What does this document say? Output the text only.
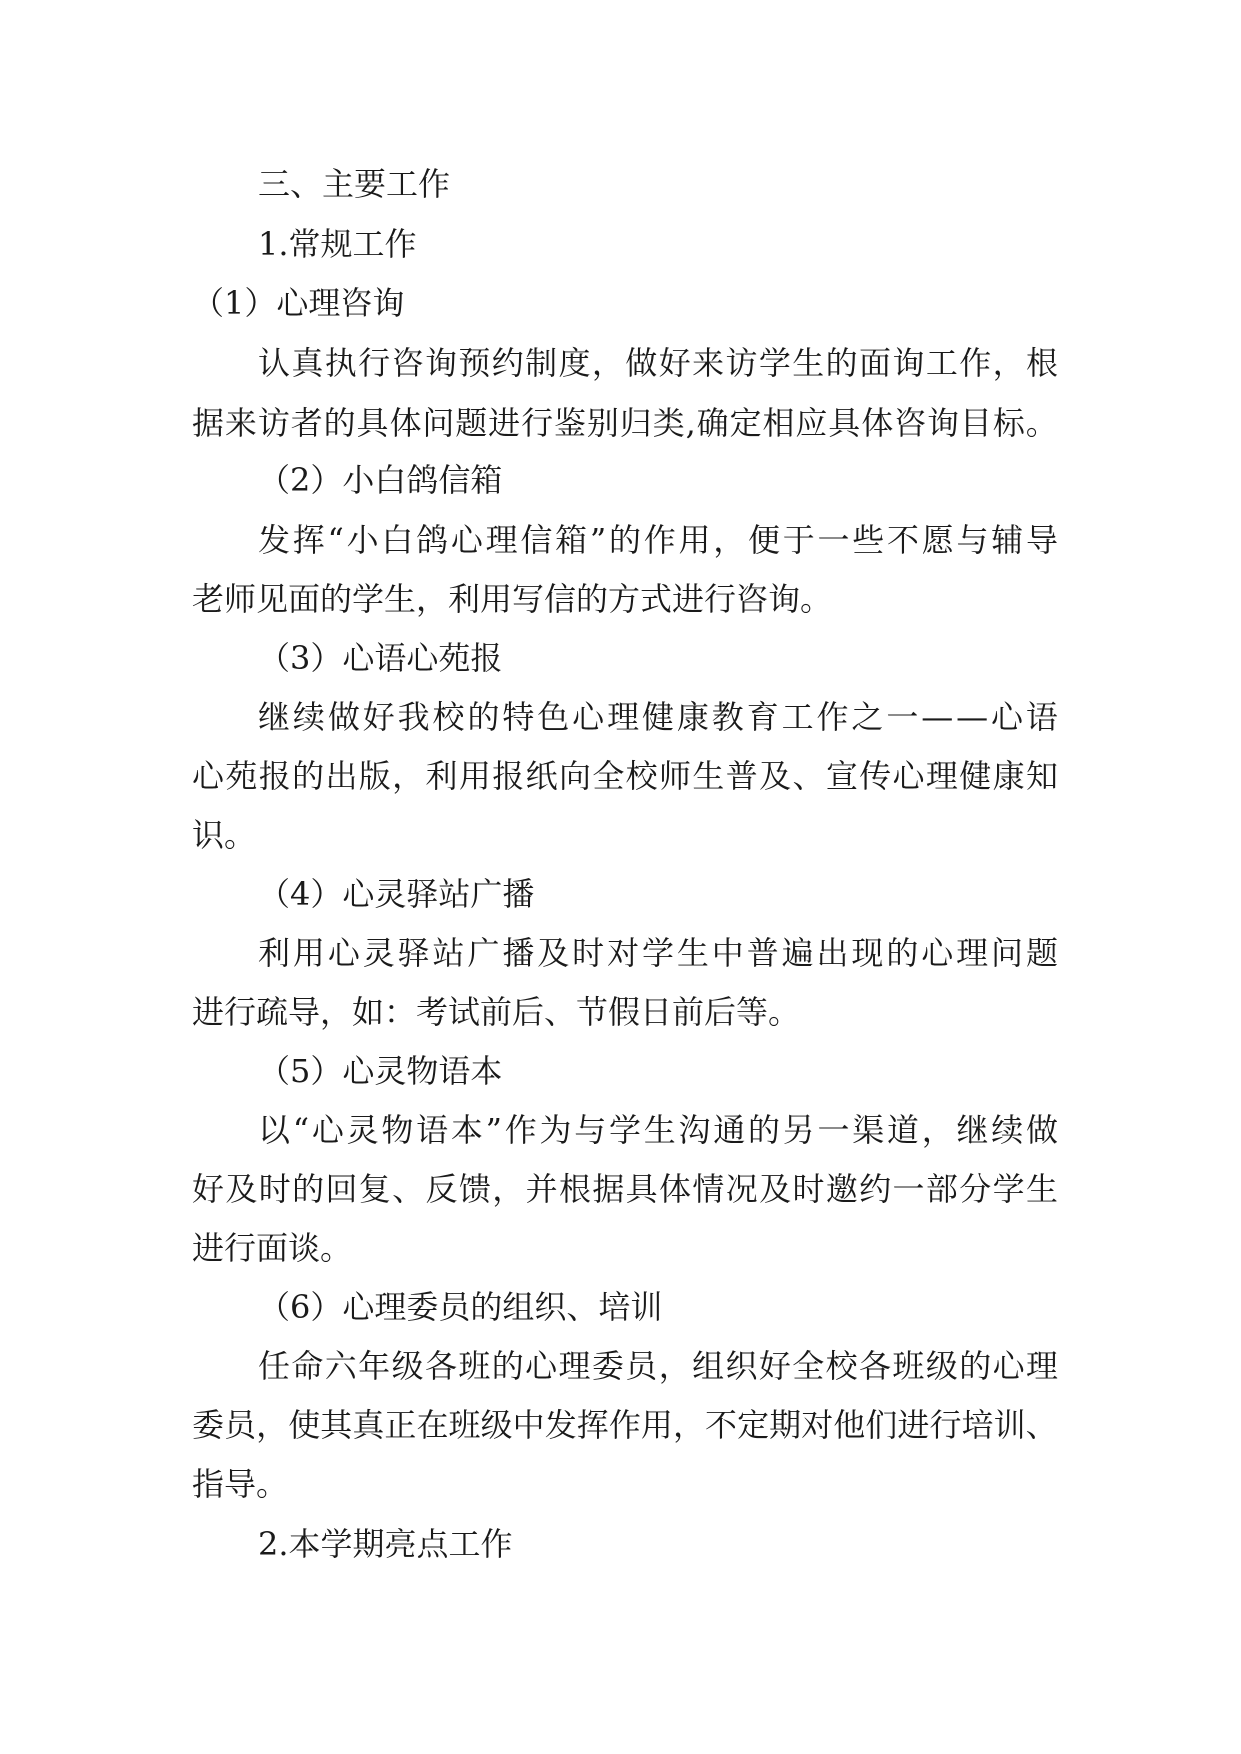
三、主要工作
1.常规工作
（1）心理咨询
认 真 执 行 咨 询 预 约 制 度 ， 做 好 来 访 学 生 的 面 询 工 作 ， 根
据 来 访 者 的 具 体 问 题 进 行 鉴 别 归 类 , 确 定 相 应 具 体 咨 询 目 标 。
（2）小白鸽信箱
发 挥 “ 小 白 鸽 心 理 信 箱 ” 的 作 用 ， 便 于 一 些 不 愿 与 辅 导
老师见面的学生，利用写信的方式进行咨询。
（3）心语心苑报
继 续 做 好 我 校 的 特 色 心 理 健 康 教 育 工 作 之 一 — — 心 语
心 苑 报 的 出 版 ， 利 用 报 纸 向 全 校 师 生 普 及 、 宣 传 心 理 健 康 知
识。
（4）心灵驿站广播
利 用 心 灵 驿 站 广 播 及 时 对 学 生 中 普 遍 出 现 的 心 理 问 题
进行疏导，如：考试前后、节假日前后等。
（5）心灵物语本
以 “ 心 灵 物 语 本 ” 作 为 与 学 生 沟 通 的 另 一 渠 道 ， 继 续 做
好 及 时 的 回 复 、 反 馈 ， 并 根 据 具 体 情 况 及 时 邀 约 一 部 分 学 生
进行面谈。
（6）心理委员的组织、培训
任 命 六 年 级 各 班 的 心 理 委 员 ， 组 织 好 全 校 各 班 级 的 心 理
委 员 ， 使 其 真 正 在 班 级 中 发 挥 作 用 ， 不 定 期 对 他 们 进 行 培 训 、
指导。
2.本学期亮点工作
